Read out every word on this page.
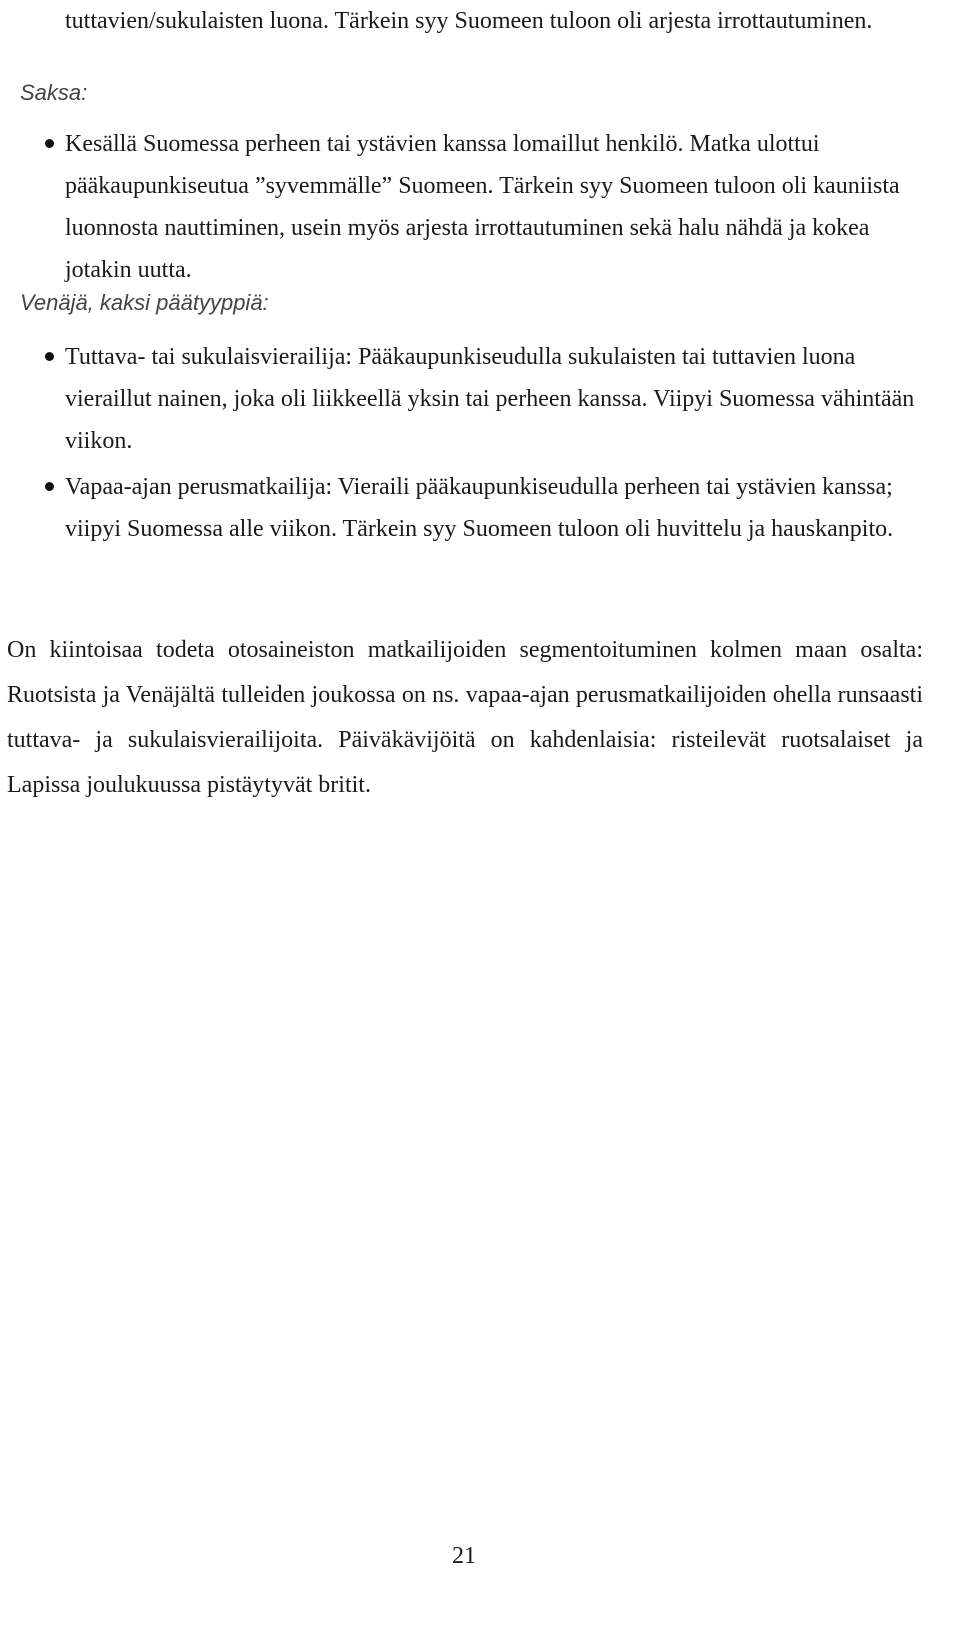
tuttavien/sukulaisten luona. Tärkein syy Suomeen tuloon oli arjesta irrottautuminen.
Saksa:
Kesällä Suomessa perheen tai ystävien kanssa lomaillut henkilö. Matka ulottui pääkaupunkiseutua ”syvemmälle” Suomeen. Tärkein syy Suomeen tuloon oli kauniista luonnosta nauttiminen, usein myös arjesta irrottautuminen sekä halu nähdä ja kokea jotakin uutta.
Venäjä, kaksi päätyyppiä:
Tuttava- tai sukulaisvierailija: Pääkaupunkiseudulla sukulaisten tai tuttavien luona vieraillut nainen, joka oli liikkeellä yksin tai perheen kanssa. Viipyi Suomessa vähintään viikon.
Vapaa-ajan perusmatkailija: Vieraili pääkaupunkiseudulla perheen tai ystävien kanssa; viipyi Suomessa alle viikon. Tärkein syy Suomeen tuloon oli huvittelu ja hauskanpito.

On kiintoisaa todeta otosaineiston matkailijoiden segmentoituminen kolmen maan osalta: Ruotsista ja Venäjältä tulleiden joukossa on ns. vapaa-ajan perusmatkailijoiden ohella runsaasti tuttava- ja sukulaisvierailijoita. Päiväkävijöitä on kahdenlaisia: risteilevät ruotsalaiset ja Lapissa joulukuussa pistäytyvät britit.

21
